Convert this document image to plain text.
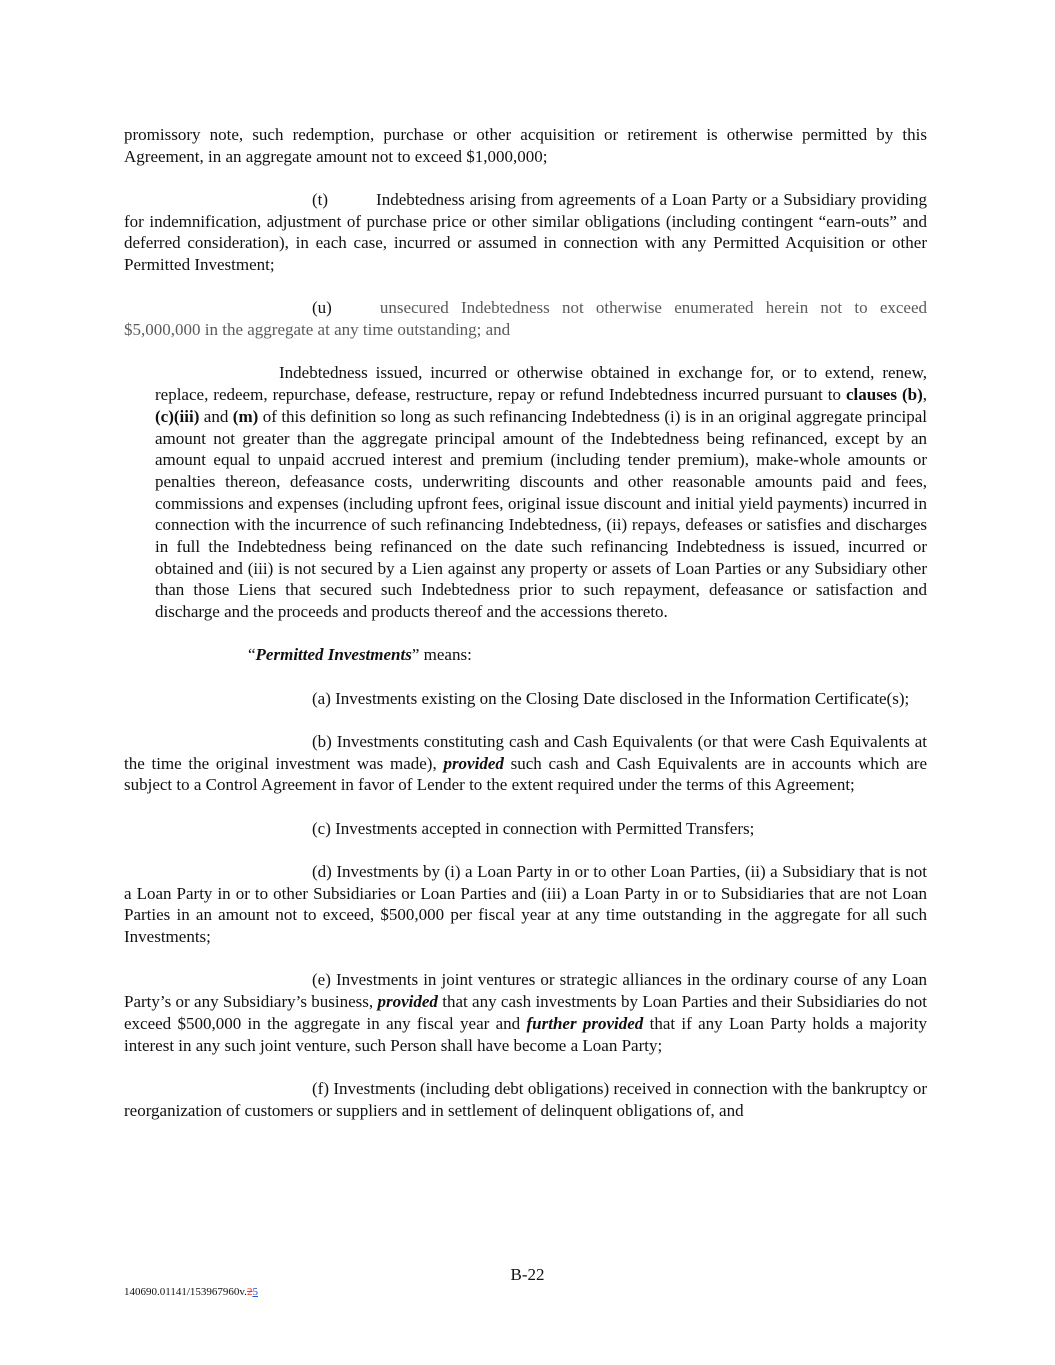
promissory note, such redemption, purchase or other acquisition or retirement is otherwise permitted by this Agreement, in an aggregate amount not to exceed $1,000,000;

(t)	Indebtedness arising from agreements of a Loan Party or a Subsidiary providing for indemnification, adjustment of purchase price or other similar obligations (including contingent “earn-outs” and deferred consideration), in each case, incurred or assumed in connection with any Permitted Acquisition or other Permitted Investment;

(u)	unsecured Indebtedness not otherwise enumerated herein not to exceed $5,000,000 in the aggregate at any time outstanding; and

Indebtedness issued, incurred or otherwise obtained in exchange for, or to extend, renew, replace, redeem, repurchase, defease, restructure, repay or refund Indebtedness incurred pursuant to clauses (b), (c)(iii) and (m) of this definition so long as such refinancing Indebtedness (i) is in an original aggregate principal amount not greater than the aggregate principal amount of the Indebtedness being refinanced, except by an amount equal to unpaid accrued interest and premium (including tender premium), make-whole amounts or penalties thereon, defeasance costs, underwriting discounts and other reasonable amounts paid and fees, commissions and expenses (including upfront fees, original issue discount and initial yield payments) incurred in connection with the incurrence of such refinancing Indebtedness, (ii) repays, defeases or satisfies and discharges in full the Indebtedness being refinanced on the date such refinancing Indebtedness is issued, incurred or obtained and (iii) is not secured by a Lien against any property or assets of Loan Parties or any Subsidiary other than those Liens that secured such Indebtedness prior to such repayment, defeasance or satisfaction and discharge and the proceeds and products thereof and the accessions thereto.

“Permitted Investments” means:

(a) Investments existing on the Closing Date disclosed in the Information Certificate(s);

(b) Investments constituting cash and Cash Equivalents (or that were Cash Equivalents at the time the original investment was made), provided such cash and Cash Equivalents are in accounts which are subject to a Control Agreement in favor of Lender to the extent required under the terms of this Agreement;

(c) Investments accepted in connection with Permitted Transfers;

(d) Investments by (i) a Loan Party in or to other Loan Parties, (ii) a Subsidiary that is not a Loan Party in or to other Subsidiaries or Loan Parties and (iii) a Loan Party in or to Subsidiaries that are not Loan Parties in an amount not to exceed, $500,000 per fiscal year at any time outstanding in the aggregate for all such Investments;

(e) Investments in joint ventures or strategic alliances in the ordinary course of any Loan Party’s or any Subsidiary’s business, provided that any cash investments by Loan Parties and their Subsidiaries do not exceed $500,000 in the aggregate in any fiscal year and further provided that if any Loan Party holds a majority interest in any such joint venture, such Person shall have become a Loan Party;

(f) Investments (including debt obligations) received in connection with the bankruptcy or reorganization of customers or suppliers and in settlement of delinquent obligations of, and

B-22
140690.01141/153967960v.25
